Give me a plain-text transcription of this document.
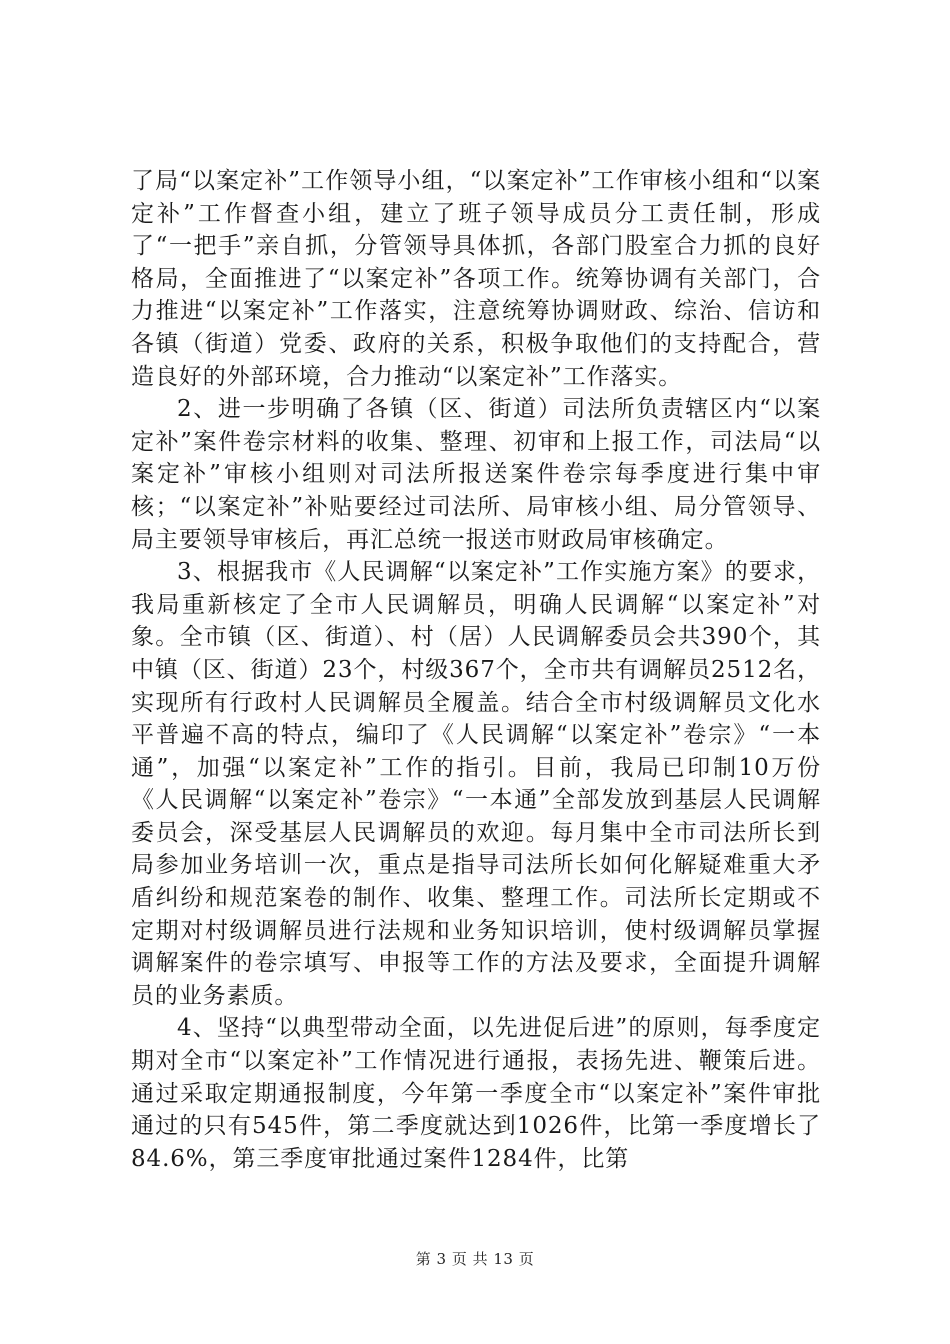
了局“以案定补”工作领导小组，“以案定补”工作审核小组和“以案定补”工作督查小组，建立了班子领导成员分工责任制，形成了“一把手”亲自抓，分管领导具体抓，各部门股室合力抓的良好格局，全面推进了“以案定补”各项工作。统筹协调有关部门，合力推进“以案定补”工作落实，注意统筹协调财政、综治、信访和各镇（街道）党委、政府的关系，积极争取他们的支持配合，营造良好的外部环境，合力推动“以案定补”工作落实。

2、进一步明确了各镇（区、街道）司法所负责辖区内“以案定补”案件卷宗材料的收集、整理、初审和上报工作，司法局“以案定补”审核小组则对司法所报送案件卷宗每季度进行集中审核；“以案定补”补贴要经过司法所、局审核小组、局分管领导、局主要领导审核后，再汇总统一报送市财政局审核确定。

3、根据我市《人民调解“以案定补”工作实施方案》的要求，我局重新核定了全市人民调解员，明确人民调解“以案定补”对象。全市镇（区、街道）、村（居）人民调解委员会共390个，其中镇（区、街道）23个，村级367个，全市共有调解员2512名，实现所有行政村人民调解员全履盖。结合全市村级调解员文化水平普遍不高的特点，编印了《人民调解“以案定补”卷宗》“一本通”，加强“以案定补”工作的指引。目前，我局已印制10万份《人民调解“以案定补”卷宗》“一本通”全部发放到基层人民调解委员会，深受基层人民调解员的欢迎。每月集中全市司法所长到局参加业务培训一次，重点是指导司法所长如何化解疑难重大矛盾纠纷和规范案卷的制作、收集、整理工作。司法所长定期或不定期对村级调解员进行法规和业务知识培训，使村级调解员掌握调解案件的卷宗填写、申报等工作的方法及要求，全面提升调解员的业务素质。

4、坚持“以典型带动全面，以先进促后进”的原则，每季度定期对全市“以案定补”工作情况进行通报，表扬先进、鞭策后进。通过采取定期通报制度，今年第一季度全市“以案定补”案件审批通过的只有545件，第二季度就达到1026件，比第一季度增长了84.6%，第三季度审批通过案件1284件，比第

第 3 页 共 13 页
